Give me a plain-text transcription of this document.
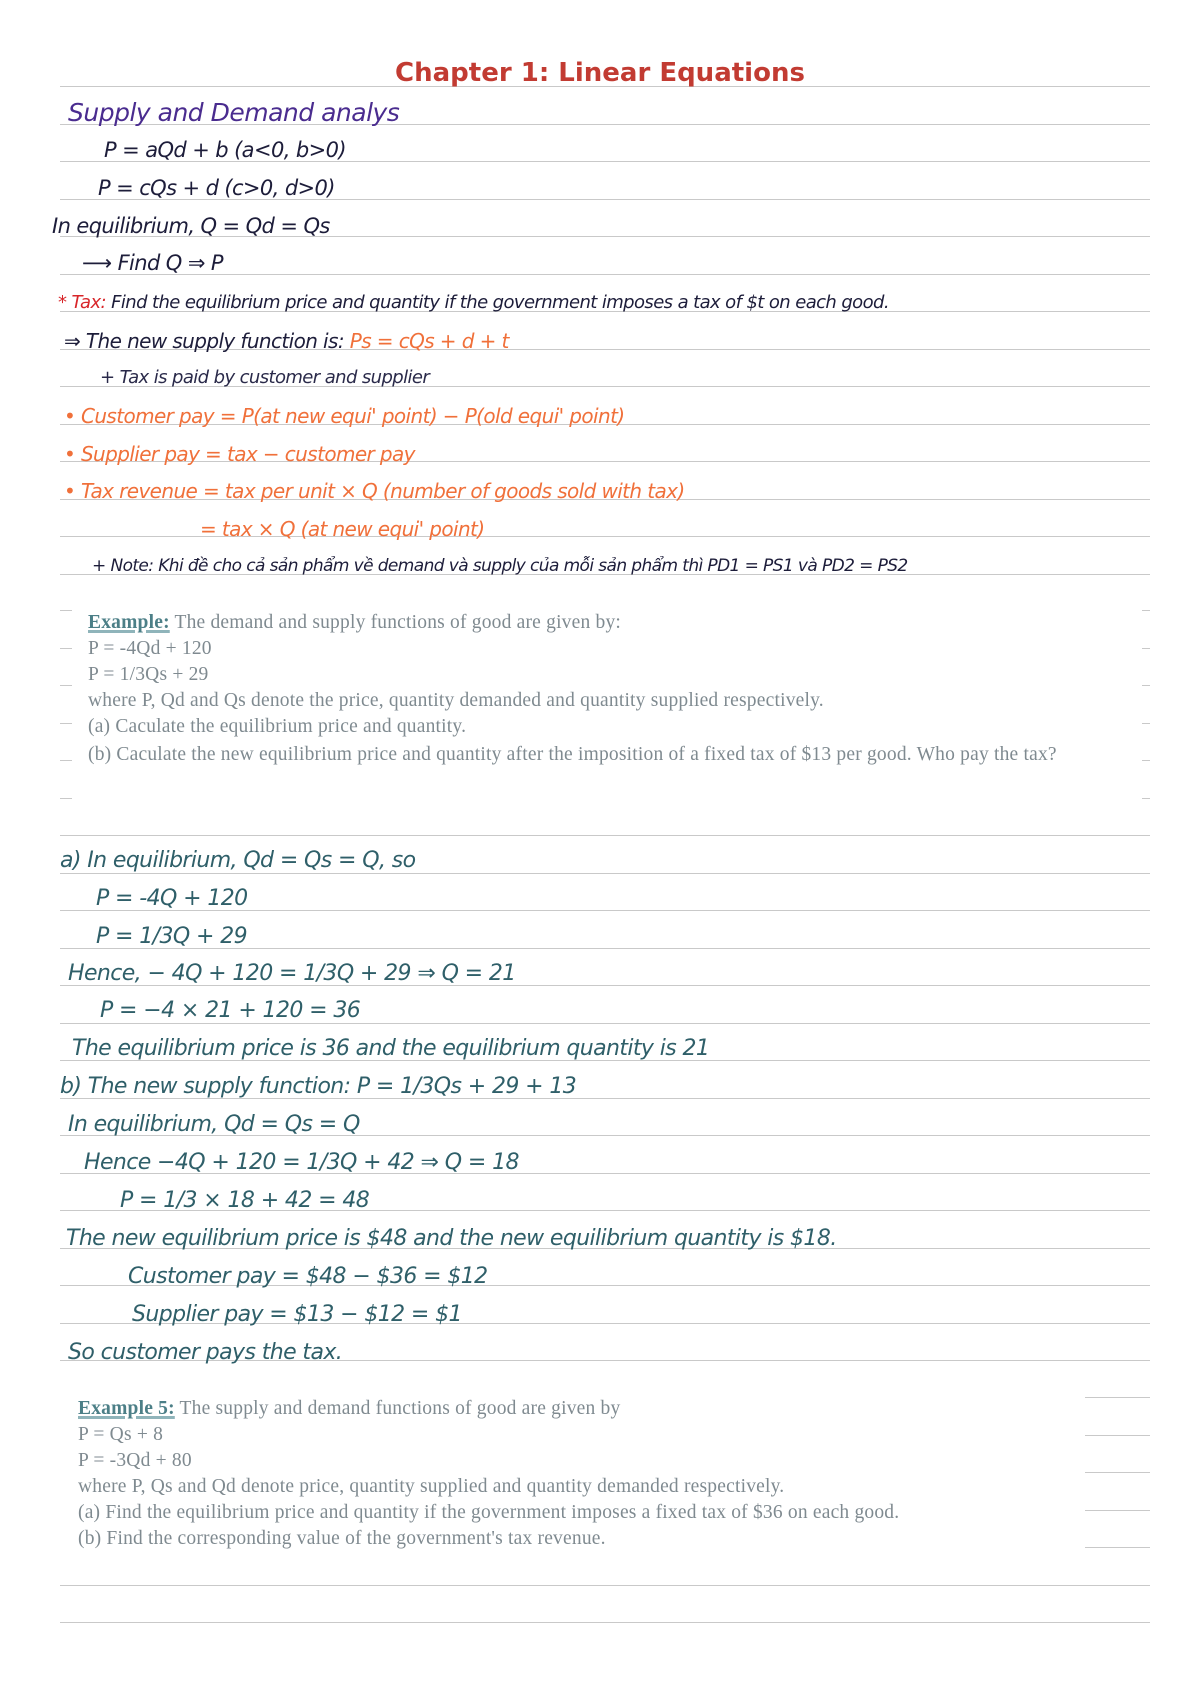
Chapter 1: Linear Equations
Supply and Demand analys
P = aQd + b (a<0, b>0)
P = cQs + d (c>0, d>0)
In equilibrium, Q = Qd = Qs
⟶ Find Q ⇒ P
* Tax: Find the equilibrium price and quantity if the government imposes a tax of $t on each good.
⇒ The new supply function is: Ps = cQs + d + t
+ Tax is paid by customer and supplier
• Customer pay = P(at new equi' point) − P(old equi' point)
• Supplier pay = tax − customer pay
• Tax revenue = tax per unit × Q (number of goods sold with tax)
= tax × Q (at new equi' point)
+ Note: Khi đề cho cả sản phẩm về demand và supply của mỗi sản phẩm thì PD1 = PS1 và PD2 = PS2
Example: The demand and supply functions of good are given by:
P = -4Qd + 120
P = 1/3Qs + 29
where P, Qd and Qs denote the price, quantity demanded and quantity supplied respectively.
(a) Caculate the equilibrium price and quantity.
(b) Caculate the new equilibrium price and quantity after the imposition of a fixed tax of $13 per good. Who pay the tax?
a) In equilibrium, Qd = Qs = Q, so
P = -4Q + 120
P = 1/3Q + 29
Hence, − 4Q + 120 = 1/3Q + 29 ⇒ Q = 21
P = −4 × 21 + 120 = 36
The equilibrium price is 36 and the equilibrium quantity is 21
b) The new supply function: P = 1/3Qs + 29 + 13
In equilibrium, Qd = Qs = Q
Hence −4Q + 120 = 1/3Q + 42 ⇒ Q = 18
P = 1/3 × 18 + 42 = 48
The new equilibrium price is $48 and the new equilibrium quantity is $18.
Customer pay = $48 − $36 = $12
Supplier pay = $13 − $12 = $1
So customer pays the tax.
Example 5: The supply and demand functions of good are given by
P = Qs + 8
P = -3Qd + 80
where P, Qs and Qd denote price, quantity supplied and quantity demanded respectively.
(a) Find the equilibrium price and quantity if the government imposes a fixed tax of $36 on each good.
(b) Find the corresponding value of the government's tax revenue.
